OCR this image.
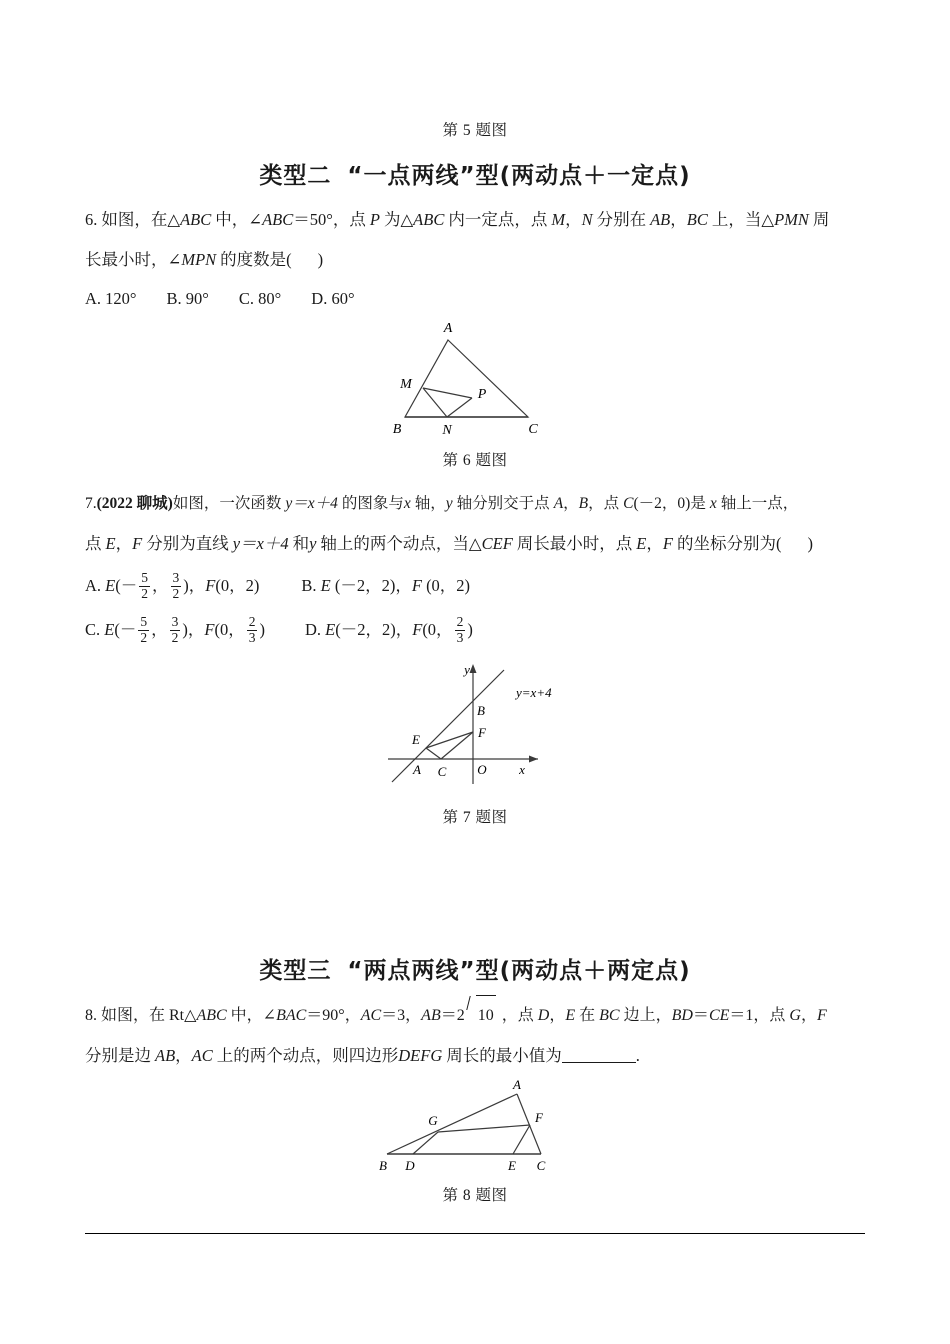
第 5 题图
类型二 “一点两线”型(两动点＋一定点)
6. 如图，在△ABC 中，∠ABC＝50°，点 P 为△ABC 内一定点，点 M，N 分别在 AB，BC 上，当△PMN 周
长最小时，∠MPN 的度数是( )
A. 120° B. 90° C. 80° D. 60°
A
M
P
B	N	C
第 6 题图
7.(2022 聊城)如图，一次函数 y＝x＋4 的图象与x 轴，y 轴分别交于点 A，B，点 C(－2，0)是 x 轴上一点，
点 E，F 分别为直线 y＝x＋4 和y 轴上的两个动点，当△CEF 周长最小时，点 E，F 的坐标分别为( )
A. $E(- \frac{5}{2}$ ， $\frac{3}{2}$ )，F(0，2)	B. E (－2，2)，F (0，2)
C. $E(- \frac{5}{2}$ ， $\frac{3}{2}$ )，F(0， $\frac{2}{3}$ ) D. E(－2，2)，F(0， $\frac{2}{3}$ )
y
y=x+4
B
E	F
A C O x
第 7 题图
类型三 “两点两线”型(两动点＋两定点)
8. 如图，在 Rt△ABC 中，∠BAC＝90°，AC＝3，AB＝2 10 ，点 D，E 在 BC 边上，BD＝CE＝1，点 G，F
分别是边 AB，AC 上的两个动点，则四边形DEFG 周长的最小值为	.
A
G	F
B D	E C
第 8 题图
